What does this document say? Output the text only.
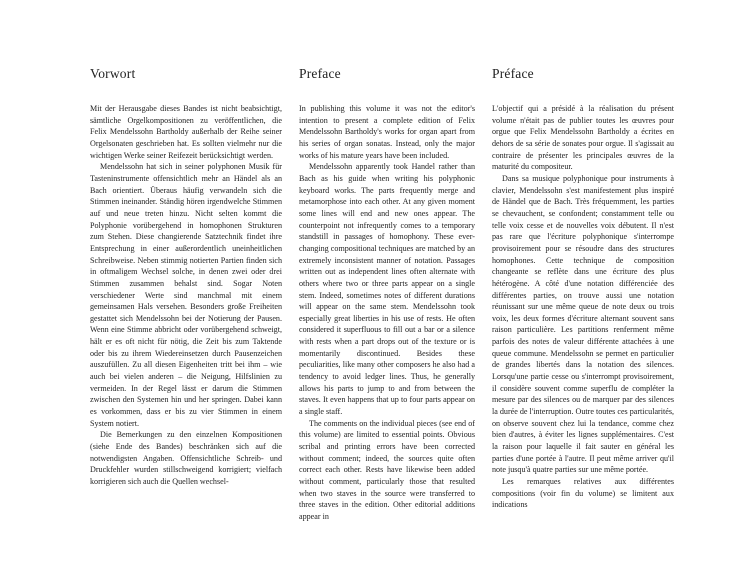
Vorwort

Mit der Herausgabe dieses Bandes ist nicht beabsichtigt, sämtliche Orgelkompositionen zu veröffentlichen, die Felix Mendelssohn Bartholdy außerhalb der Reihe seiner Orgelsonaten geschrieben hat. Es sollten vielmehr nur die wichtigen Werke seiner Reifezeit berücksichtigt werden.

Mendelssohn hat sich in seiner polyphonen Musik für Tasteninstrumente offensichtlich mehr an Händel als an Bach orientiert. Überaus häufig verwandeln sich die Stimmen ineinander. Ständig hören irgendwelche Stimmen auf und neue treten hinzu. Nicht selten kommt die Polyphonie vorübergehend in homophonen Strukturen zum Stehen. Diese changierende Satztechnik findet ihre Entsprechung in einer außerordentlich uneinheitlichen Schreibweise. Neben stimmig notierten Partien finden sich in oftmaligem Wechsel solche, in denen zwei oder drei Stimmen zusammen behalst sind. Sogar Noten verschiedener Werte sind manchmal mit einem gemeinsamen Hals versehen. Besonders große Freiheiten gestattet sich Mendelssohn bei der Notierung der Pausen. Wenn eine Stimme abbricht oder vorübergehend schweigt, hält er es oft nicht für nötig, die Zeit bis zum Taktende oder bis zu ihrem Wiedereinsetzen durch Pausenzeichen auszufüllen. Zu all diesen Eigenheiten tritt bei ihm – wie auch bei vielen anderen – die Neigung, Hilfslinien zu vermeiden. In der Regel lässt er darum die Stimmen zwischen den Systemen hin und her springen. Dabei kann es vorkommen, dass er bis zu vier Stimmen in einem System notiert.

Die Bemerkungen zu den einzelnen Kompositionen (siehe Ende des Bandes) beschränken sich auf die notwendigsten Angaben. Offensichtliche Schreib- und Druckfehler wurden stillschweigend korrigiert; vielfach korrigieren sich auch die Quellen wechsel-

Preface

In publishing this volume it was not the editor's intention to present a complete edition of Felix Mendelssohn Bartholdy's works for organ apart from his series of organ sonatas. Instead, only the major works of his mature years have been included.

Mendelssohn apparently took Handel rather than Bach as his guide when writing his polyphonic keyboard works. The parts frequently merge and metamorphose into each other. At any given moment some lines will end and new ones appear. The counterpoint not infrequently comes to a temporary standstill in passages of homophony. These ever-changing compositional techniques are matched by an extremely inconsistent manner of notation. Passages written out as independent lines often alternate with others where two or three parts appear on a single stem. Indeed, sometimes notes of different durations will appear on the same stem. Mendelssohn took especially great liberties in his use of rests. He often considered it superfluous to fill out a bar or a silence with rests when a part drops out of the texture or is momentarily discontinued. Besides these peculiarities, like many other composers he also had a tendency to avoid ledger lines. Thus, he generally allows his parts to jump to and from between the staves. It even happens that up to four parts appear on a single staff.

The comments on the individual pieces (see end of this volume) are limited to essential points. Obvious scribal and printing errors have been corrected without comment; indeed, the sources quite often correct each other. Rests have likewise been added without comment, particularly those that resulted when two staves in the source were transferred to three staves in the edition. Other editorial additions appear in

Préface

L'objectif qui a présidé à la réalisation du présent volume n'était pas de publier toutes les œuvres pour orgue que Felix Mendelssohn Bartholdy a écrites en dehors de sa série de sonates pour orgue. Il s'agissait au contraire de présenter les principales œuvres de la maturité du compositeur.

Dans sa musique polyphonique pour instruments à clavier, Mendelssohn s'est manifestement plus inspiré de Händel que de Bach. Très fréquemment, les parties se chevauchent, se confondent; constamment telle ou telle voix cesse et de nouvelles voix débutent. Il n'est pas rare que l'écriture polyphonique s'interrompe provisoirement pour se résoudre dans des structures homophones. Cette technique de composition changeante se reflète dans une écriture des plus hétérogène. A côté d'une notation différenciée des différentes parties, on trouve aussi une notation réunissant sur une même queue de note deux ou trois voix, les deux formes d'écriture alternant souvent sans raison particulière. Les partitions renferment même parfois des notes de valeur différente attachées à une queue commune. Mendelssohn se permet en particulier de grandes libertés dans la notation des silences. Lorsqu'une partie cesse ou s'interrompt provisoirement, il considère souvent comme superflu de compléter la mesure par des silences ou de marquer par des silences la durée de l'interruption. Outre toutes ces particularités, on observe souvent chez lui la tendance, comme chez bien d'autres, à éviter les lignes supplémentaires. C'est la raison pour laquelle il fait sauter en général les parties d'une portée à l'autre. Il peut même arriver qu'il note jusqu'à quatre parties sur une même portée.

Les remarques relatives aux différentes compositions (voir fin du volume) se limitent aux indications
